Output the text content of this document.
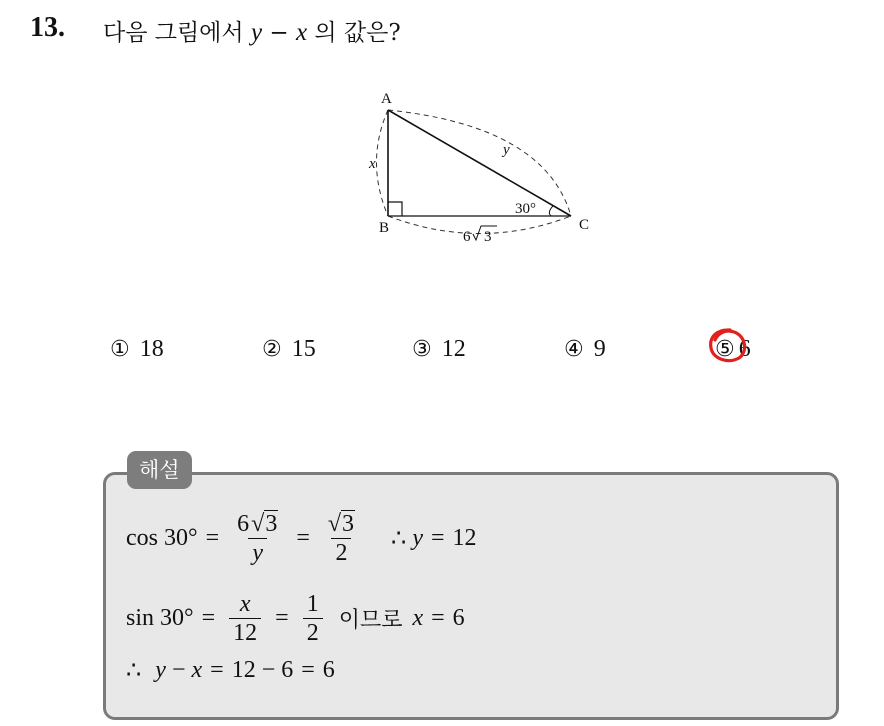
13. 다음 그림에서 y − x 의 값은?
A
B	C
x
y
30°
6 3
① 18	② 15	③ 12	④ 9	⑤ 6
해설
$\cos 30^\circ = \frac{6 √3}{y} = \frac{√3}{2}$ ∴ y = 12
$\sin 30^\circ = \frac{x}{12} = \frac{1}{2}$ 이므로 x = 6
∴ y − x = 12 − 6 = 6
